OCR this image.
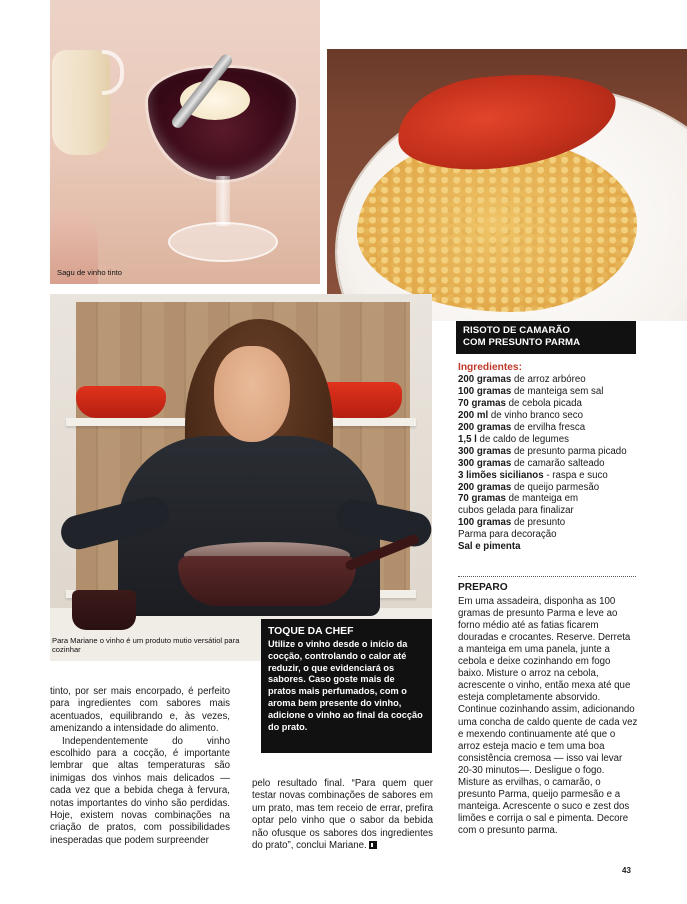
Sagu de vinho tinto
RISOTO DE CAMARÃO
COM PRESUNTO PARMA
Ingredientes:
200 gramas de arroz arbóreo
100 gramas de manteiga sem sal
70 gramas de cebola picada
200 ml de vinho branco seco
200 gramas de ervilha fresca
1,5 l de caldo de legumes
300 gramas de presunto parma picado
300 gramas de camarão salteado
3 limões sicilianos - raspa e suco
200 gramas de queijo parmesão
70 gramas de manteiga em
cubos gelada para finalizar
100 gramas de presunto
Parma para decoração
Sal e pimenta
PREPARO
Em uma assadeira, disponha as 100 gramas de presunto Parma e leve ao forno médio até as fatias ficarem douradas e crocantes. Reserve. Derreta a manteiga em uma panela, junte a cebola e deixe cozinhando em fogo baixo. Misture o arroz na cebola, acrescente o vinho, então mexa até que esteja completamente absorvido. Continue cozinhando assim, adicionando uma concha de caldo quente de cada vez e mexendo continuamente até que o arroz esteja macio e tem uma boa consistência cremosa — isso vai levar 20-30 minutos—. Desligue o fogo. Misture as ervilhas, o camarão, o presunto Parma, queijo parmesão e a manteiga. Acrescente o suco e zest dos limões e corrija o sal e pimenta. Decore com o presunto parma.
Para Mariane o vinho é um produto mutio versátiol para cozinhar
TOQUE DA CHEF
Utilize o vinho desde o início da cocção, controlando o calor até reduzir, o que evidenciará os sabores. Caso goste mais de pratos mais perfumados, com o aroma bem presente do vinho, adicione o vinho ao final da cocção do prato.
tinto, por ser mais encorpado, é perfeito para ingredientes com sabores mais acentuados, equilibrando e, às vezes, amenizando a intensidade do alimento.
Independentemente do vinho escolhido para a cocção, é importante lembrar que altas temperaturas são inimigas dos vinhos mais delicados — cada vez que a bebida chega à fervura, notas importantes do vinho são perdidas. Hoje, existem novas combinações na criação de pratos, com possibilidades inesperadas que podem surpreender
pelo resultado final. “Para quem quer testar novas combinações de sabores em um prato, mas tem receio de errar, prefira optar pelo vinho que o sabor da bebida não ofusque os sabores dos ingredientes do prato”, conclui Mariane.
43
